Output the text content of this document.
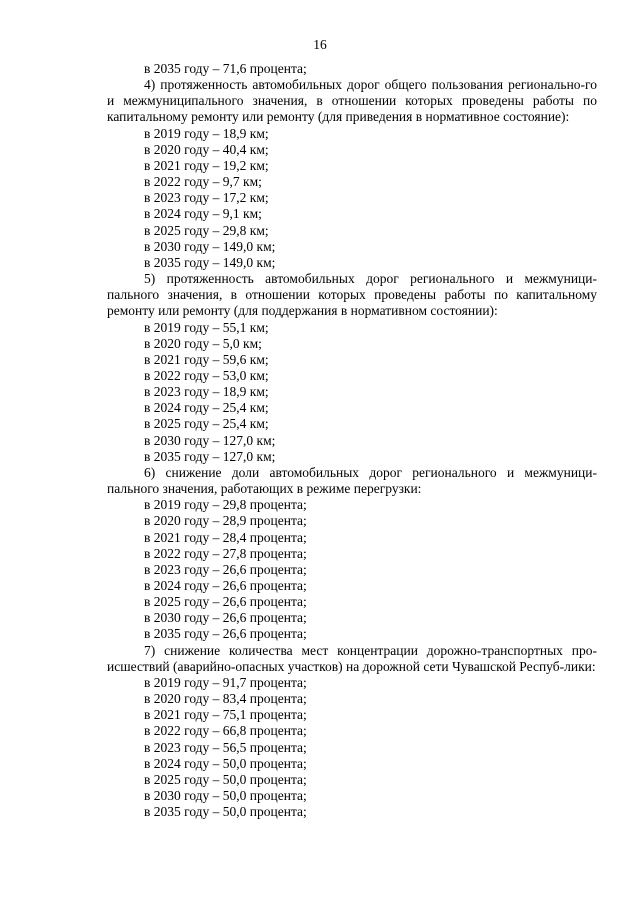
16
в 2035 году – 71,6 процента;
4) протяженность автомобильных дорог общего пользования регионально-го и межмуниципального значения, в отношении которых проведены работы по капитальному ремонту или ремонту (для приведения в нормативное состояние):
в 2019 году – 18,9 км;
в 2020 году – 40,4 км;
в 2021 году – 19,2 км;
в 2022 году – 9,7 км;
в 2023 году – 17,2 км;
в 2024 году – 9,1 км;
в 2025 году – 29,8 км;
в 2030 году – 149,0 км;
в 2035 году – 149,0 км;
5) протяженность автомобильных дорог регионального и межмуници-пального значения, в отношении которых проведены работы по капитальному ремонту или ремонту (для поддержания в нормативном состоянии):
в 2019 году – 55,1 км;
в 2020 году – 5,0 км;
в 2021 году – 59,6 км;
в 2022 году – 53,0 км;
в 2023 году – 18,9 км;
в 2024 году – 25,4 км;
в 2025 году – 25,4 км;
в 2030 году – 127,0 км;
в 2035 году – 127,0 км;
6) снижение доли автомобильных дорог регионального и межмуници-пального значения, работающих в режиме перегрузки:
в 2019 году – 29,8 процента;
в 2020 году – 28,9 процента;
в 2021 году – 28,4 процента;
в 2022 году – 27,8 процента;
в 2023 году – 26,6 процента;
в 2024 году – 26,6 процента;
в 2025 году – 26,6 процента;
в 2030 году – 26,6 процента;
в 2035 году – 26,6 процента;
7) снижение количества мест концентрации дорожно-транспортных про-исшествий (аварийно-опасных участков) на дорожной сети Чувашской Респуб-лики:
в 2019 году – 91,7 процента;
в 2020 году – 83,4 процента;
в 2021 году – 75,1 процента;
в 2022 году – 66,8 процента;
в 2023 году – 56,5 процента;
в 2024 году – 50,0 процента;
в 2025 году – 50,0 процента;
в 2030 году – 50,0 процента;
в 2035 году – 50,0 процента;
